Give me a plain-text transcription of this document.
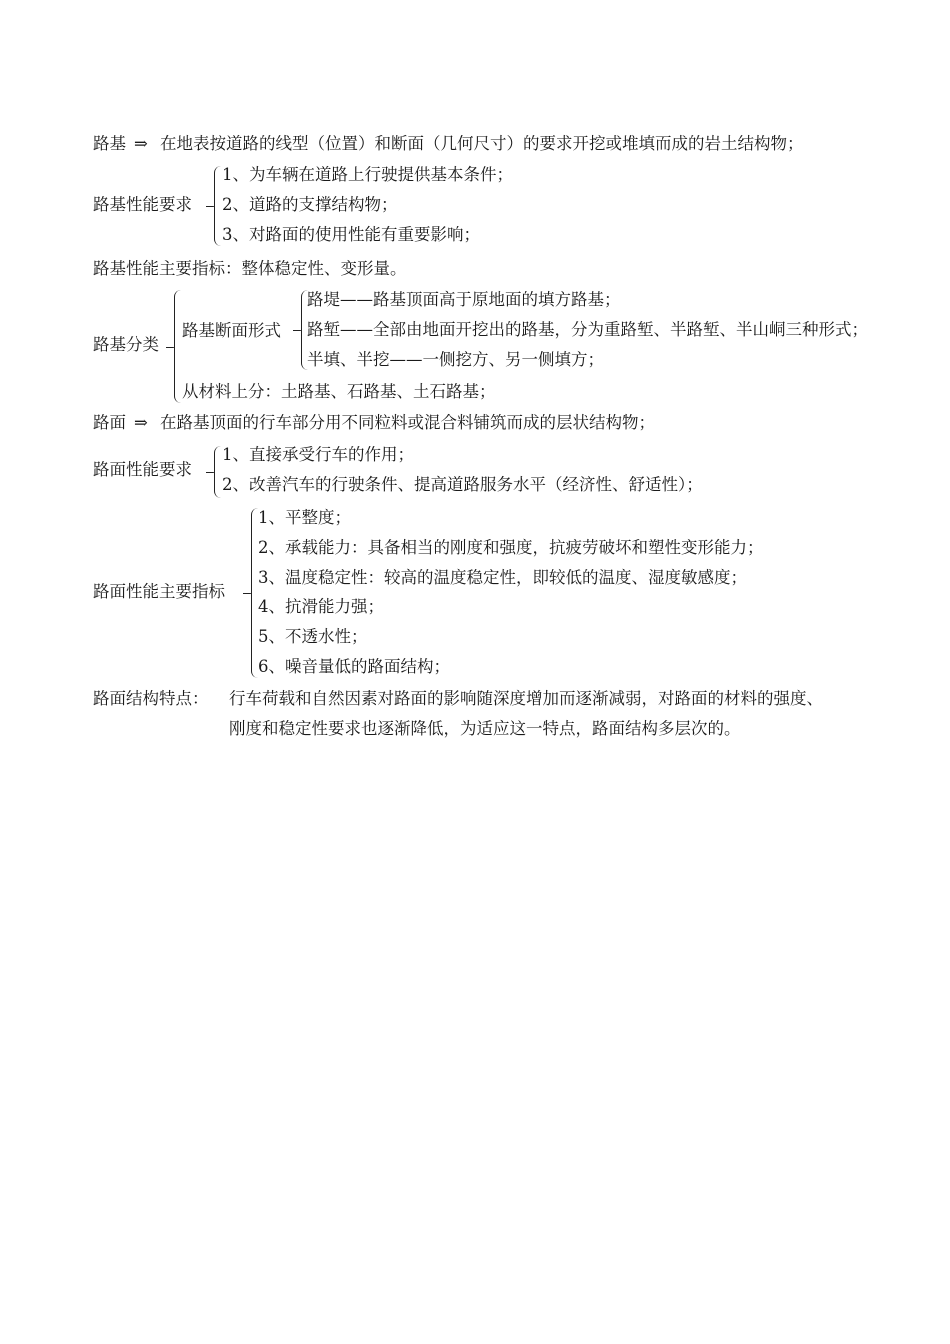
路基 ⇒ 在地表按道路的线型（位置）和断面（几何尺寸）的要求开挖或堆填而成的岩土结构物；
路基性能要求
1、为车辆在道路上行驶提供基本条件；
2、道路的支撑结构物；
3、对路面的使用性能有重要影响；
路基性能主要指标：整体稳定性、变形量。
路基分类
路基断面形式
路堤——路基顶面高于原地面的填方路基；
路堑——全部由地面开挖出的路基，分为重路堑、半路堑、半山峒三种形式；
半填、半挖——一侧挖方、另一侧填方；
从材料上分：土路基、石路基、土石路基；
路面 ⇒ 在路基顶面的行车部分用不同粒料或混合料铺筑而成的层状结构物；
路面性能要求
1、直接承受行车的作用；
2、改善汽车的行驶条件、提高道路服务水平（经济性、舒适性）；
路面性能主要指标
1、平整度；
2、承载能力：具备相当的刚度和强度，抗疲劳破坏和塑性变形能力；
3、温度稳定性：较高的温度稳定性，即较低的温度、湿度敏感度；
4、抗滑能力强；
5、不透水性；
6、噪音量低的路面结构；
路面结构特点： 行车荷载和自然因素对路面的影响随深度增加而逐渐减弱，对路面的材料的强度、
刚度和稳定性要求也逐渐降低，为适应这一特点，路面结构多层次的。
